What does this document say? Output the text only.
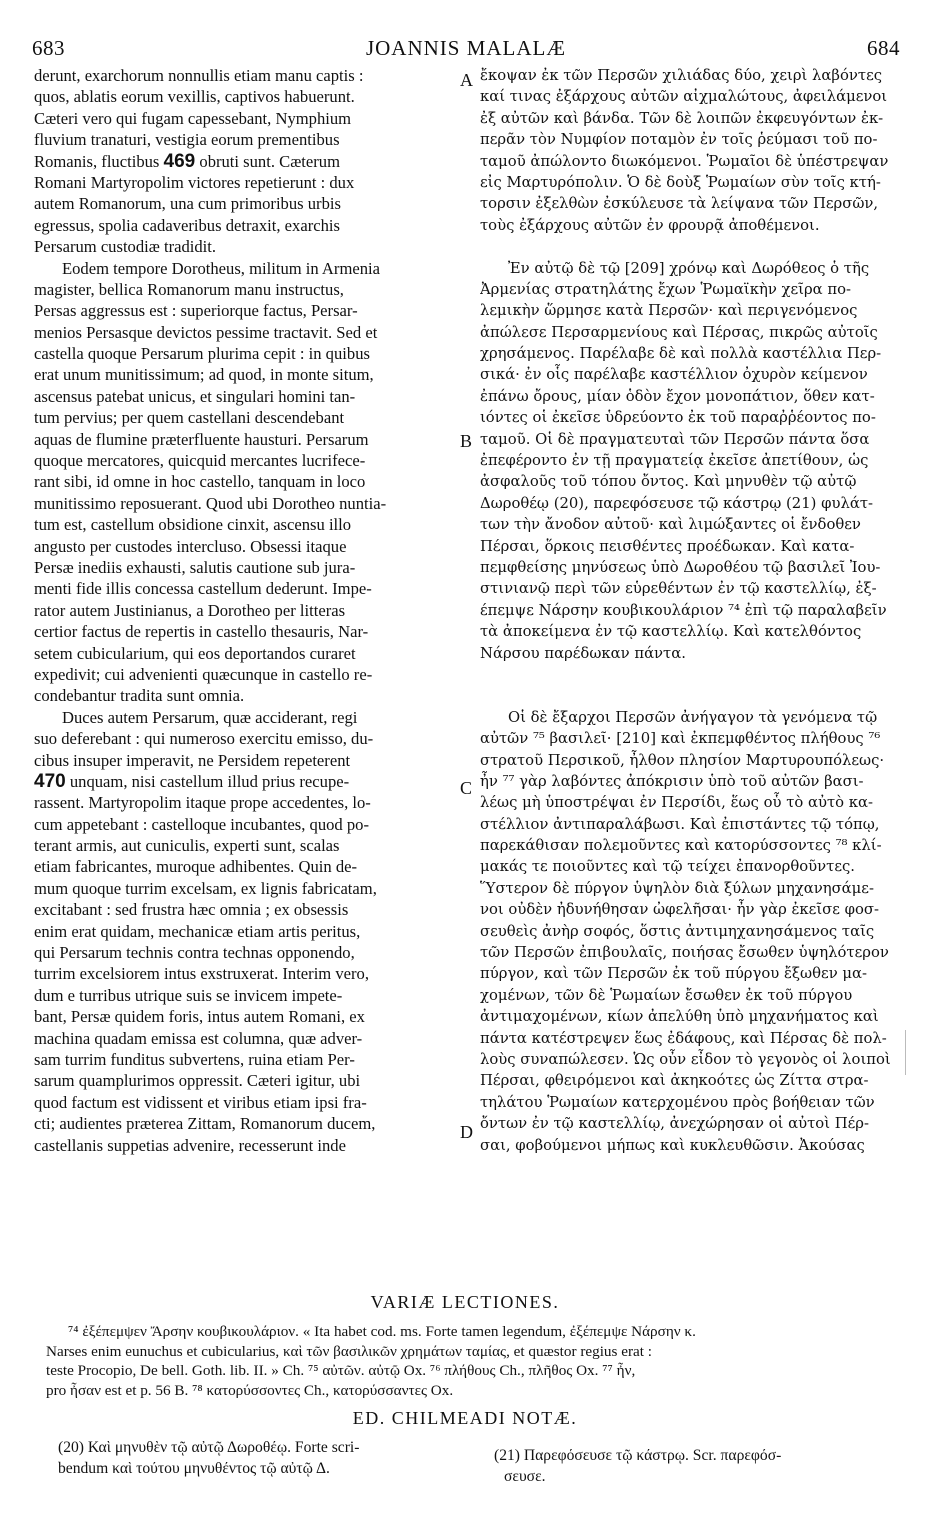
683	JOANNIS MALALÆ	684
derunt, exarchorum nonnullis etiam manu captis :
quos, ablatis eorum vexillis, captivos habuerunt.
Cæteri vero qui fugam capessebant, Nymphium
fluvium tranaturi, vestigia eorum prementibus
Romanis, fluctibus 469 obruti sunt. Cæterum
Romani Martyropolim victores repetierunt : dux
autem Romanorum, una cum primoribus urbis
egressus, spolia cadaveribus detraxit, exarchis
Persarum custodiæ tradidit.
Eodem tempore Dorotheus, militum in Armenia
magister, bellica Romanorum manu instructus,
Persas aggressus est : superiorque factus, Persar-
menios Persasque devictos pessime tractavit. Sed et
castella quoque Persarum plurima cepit : in quibus
erat unum munitissimum; ad quod, in monte situm,
ascensus patebat unicus, et singulari homini tan-
tum pervius; per quem castellani descendebant
aquas de flumine præterfluente hausturi. Persarum
quoque mercatores, quicquid mercantes lucrifece-
rant sibi, id omne in hoc castello, tanquam in loco
munitissimo reposuerant. Quod ubi Dorotheo nuntia-
tum est, castellum obsidione cinxit, ascensu illo
angusto per custodes intercluso. Obsessi itaque
Persæ inediis exhausti, salutis cautione sub jura-
menti fide illis concessa castellum dederunt. Impe-
rator autem Justinianus, a Dorotheo per litteras
certior factus de repertis in castello thesauris, Nar-
setem cubicularium, qui eos deportandos curaret
expedivit; cui advenienti quæcunque in castello re-
condebantur tradita sunt omnia.
Duces autem Persarum, quæ acciderant, regi
suo deferebant : qui numeroso exercitu emisso, du-
cibus insuper imperavit, ne Persidem repeterent
470 unquam, nisi castellum illud prius recupe-
rassent. Martyropolim itaque prope accedentes, lo-
cum appetebant : castelloque incubantes, quod po-
terant armis, aut cuniculis, experti sunt, scalas
etiam fabricantes, muroque adhibentes. Quin de-
mum quoque turrim excelsam, ex lignis fabricatam,
excitabant : sed frustra hæc omnia ; ex obsessis
enim erat quidam, mechanicæ etiam artis peritus,
qui Persarum technis contra technas opponendo,
turrim excelsiorem intus exstruxerat. Interim vero,
dum e turribus utrique suis se invicem impete-
bant, Persæ quidem foris, intus autem Romani, ex
machina quadam emissa est columna, quæ adver-
sam turrim funditus subvertens, ruina etiam Per-
sarum quamplurimos oppressit. Cæteri igitur, ubi
quod factum est vidissent et viribus etiam ipsi fra-
cti; audientes præterea Zittam, Romanorum ducem,
castellanis suppetias advenire, recesserunt inde
A
B
C
D
ἔκοψαν ἐκ τῶν Περσῶν χιλιάδας δύο, χειρὶ λαβόντες
καί τινας ἐξάρχους αὐτῶν αἰχμαλώτους, ἀφειλάμενοι
ἐξ αὐτῶν καὶ βάνδα. Τῶν δὲ λοιπῶν ἐκφευγόντων ἐκ-
περᾶν τὸν Νυμφίον ποταμὸν ἐν τοῖς ῥεύμασι τοῦ πο-
ταμοῦ ἀπώλοντο διωκόμενοι. Ῥωμαῖοι δὲ ὑπέστρεψαν
εἰς Μαρτυρόπολιν. Ὁ δὲ δοὺξ Ῥωμαίων σὺν τοῖς κτή-
τορσιν ἐξελθὼν ἐσκύλευσε τὰ λείψανα τῶν Περσῶν,
τοὺς ἐξάρχους αὐτῶν ἐν φρουρᾷ ἀποθέμενοι.
Ἐν αὐτῷ δὲ τῷ [209] χρόνῳ καὶ Δωρόθεος ὁ τῆς
Ἀρμενίας στρατηλάτης ἔχων Ῥωμαϊκὴν χεῖρα πο-
λεμικὴν ὥρμησε κατὰ Περσῶν· καὶ περιγενόμενος
ἀπώλεσε Περσαρμενίους καὶ Πέρσας, πικρῶς αὐτοῖς
χρησάμενος. Παρέλαβε δὲ καὶ πολλὰ καστέλλια Περ-
σικά· ἐν οἷς παρέλαβε καστέλλιον ὀχυρὸν κείμενον
ἐπάνω ὄρους, μίαν ὁδὸν ἔχον μονοπάτιον, ὅθεν κατ-
ιόντες οἱ ἐκεῖσε ὑδρεύοντο ἐκ τοῦ παραῤῥέοντος πο-
ταμοῦ. Οἱ δὲ πραγματευταὶ τῶν Περσῶν πάντα ὅσα
ἐπεφέροντο ἐν τῇ πραγματείᾳ ἐκεῖσε ἀπετίθουν, ὡς
ἀσφαλοῦς τοῦ τόπου ὄντος. Καὶ μηνυθὲν τῷ αὐτῷ
Δωροθέῳ (20), παρεφόσευσε τῷ κάστρῳ (21) φυλάτ-
των τὴν ἄνοδον αὐτοῦ· καὶ λιμώξαντες οἱ ἔνδοθεν
Πέρσαι, ὅρκοις πεισθέντες προέδωκαν. Καὶ κατα-
πεμφθείσης μηνύσεως ὑπὸ Δωροθέου τῷ βασιλεῖ Ἰου-
στινιανῷ περὶ τῶν εὑρεθέντων ἐν τῷ καστελλίῳ, ἐξ-
έπεμψε Νάρσην κουβικουλάριον ⁷⁴ ἐπὶ τῷ παραλαβεῖν
τὰ ἀποκείμενα ἐν τῷ καστελλίῳ. Καὶ κατελθόντος
Νάρσου παρέδωκαν πάντα.
Οἱ δὲ ἔξαρχοι Περσῶν ἀνήγαγον τὰ γενόμενα τῷ
αὐτῶν ⁷⁵ βασιλεῖ· [210] καὶ ἐκπεμφθέντος πλήθους ⁷⁶
στρατοῦ Περσικοῦ, ἦλθον πλησίον Μαρτυρουπόλεως·
ἦν ⁷⁷ γὰρ λαβόντες ἀπόκρισιν ὑπὸ τοῦ αὐτῶν βασι-
λέως μὴ ὑποστρέψαι ἐν Περσίδι, ἕως οὗ τὸ αὐτὸ κα-
στέλλιον ἀντιπαραλάβωσι. Καὶ ἐπιστάντες τῷ τόπῳ,
παρεκάθισαν πολεμοῦντες καὶ κατορύσσοντες ⁷⁸ κλί-
μακάς τε ποιοῦντες καὶ τῷ τείχει ἐπανορθοῦντες.
Ὕστερον δὲ πύργον ὑψηλὸν διὰ ξύλων μηχανησάμε-
νοι οὐδὲν ἠδυνήθησαν ὠφελῆσαι· ἦν γὰρ ἐκεῖσε φοσ-
σευθεὶς ἀνὴρ σοφός, ὅστις ἀντιμηχανησάμενος ταῖς
τῶν Περσῶν ἐπιβουλαῖς, ποιήσας ἔσωθεν ὑψηλότερον
πύργον, καὶ τῶν Περσῶν ἐκ τοῦ πύργου ἔξωθεν μα-
χομένων, τῶν δὲ Ῥωμαίων ἔσωθεν ἐκ τοῦ πύργου
ἀντιμαχομένων, κίων ἀπελύθη ὑπὸ μηχανήματος καὶ
πάντα κατέστρεψεν ἕως ἐδάφους, καὶ Πέρσας δὲ πολ-
λοὺς συναπώλεσεν. Ὡς οὖν εἶδον τὸ γεγονὸς οἱ λοιποὶ
Πέρσαι, φθειρόμενοι καὶ ἀκηκοότες ὡς Ζίττα στρα-
τηλάτου Ῥωμαίων κατερχομένου πρὸς βοήθειαν τῶν
ὄντων ἐν τῷ καστελλίῳ, ἀνεχώρησαν οἱ αὐτοὶ Πέρ-
σαι, φοβούμενοι μήπως καὶ κυκλευθῶσιν. Ἀκούσας
VARIÆ LECTIONES.
⁷⁴ ἐξέπεμψεν Ἄρσην κουβικουλάριον. « Ita habet cod. ms. Forte tamen legendum, ἐξέπεμψε Νάρσην κ.
Narses enim eunuchus et cubicularius, καὶ τῶν βασιλικῶν χρημάτων ταμίας, et quæstor regius erat :
teste Procopio, De bell. Goth. lib. II. » Ch. ⁷⁵ αὐτῶν. αὐτῷ Ox. ⁷⁶ πλήθους Ch., πλῆθος Ox. ⁷⁷ ἦν,
pro ἦσαν est et p. 56 B. ⁷⁸ κατορύσσοντες Ch., κατορύσσαντες Ox.
ED. CHILMEADI NOTÆ.
(20) Καὶ μηνυθὲν τῷ αὐτῷ Δωροθέῳ. Forte scri-
bendum καὶ τούτου μηνυθέντος τῷ αὐτῷ Δ.
(21) Παρεφόσευσε τῷ κάστρῳ. Scr. παρεφόσ-
σευσε.
